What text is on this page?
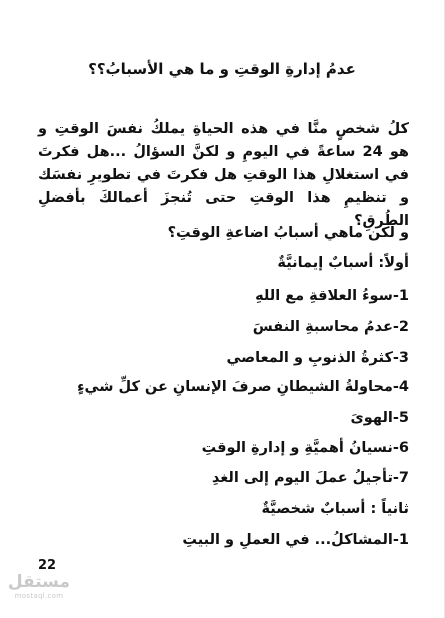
عدمُ إدارةِ الوقتِ و ما هي الأسبابُ؟؟
كلُ شخصٍ منَّا في هذه الحياةِ يملكُ نفسَ الوقتِ و هو 24 ساعةً في اليومِ و لكنَّ السؤالُ ...هل فكرتَ في استغلالِ هذا الوقتِ هل فكرتَ في تطويرِ نفسَك و تنظيمِ هذا الوقتِ حتى تُنجزَ أعمالكَ بأفضلِ الطُرقِ؟
و لكن ماهي أسبابُ اضاعةِ الوقتِ؟
أولاً: أسبابٌ إيمانيَّةٌ
1-سوءُ العلاقةِ مع اللهِ
2-عدمُ محاسبةِ النفسَ
3-كثرةُ الذنوبِ و المعاصي
4-محاولةُ الشيطانِ صرفَ الإنسانِ عن كلِّ شيءٍ
5-الهوىَ
6-نسيانُ أهميَّةِ و إدارةِ الوقتِ
7-تأجيلُ عملَ اليوم إلى الغدِ
ثانياً : أسبابٌ شخصيَّةٌ
1-المشاكلُ... في العملِ و البيتِ
22
مستقل
mostaql.com
